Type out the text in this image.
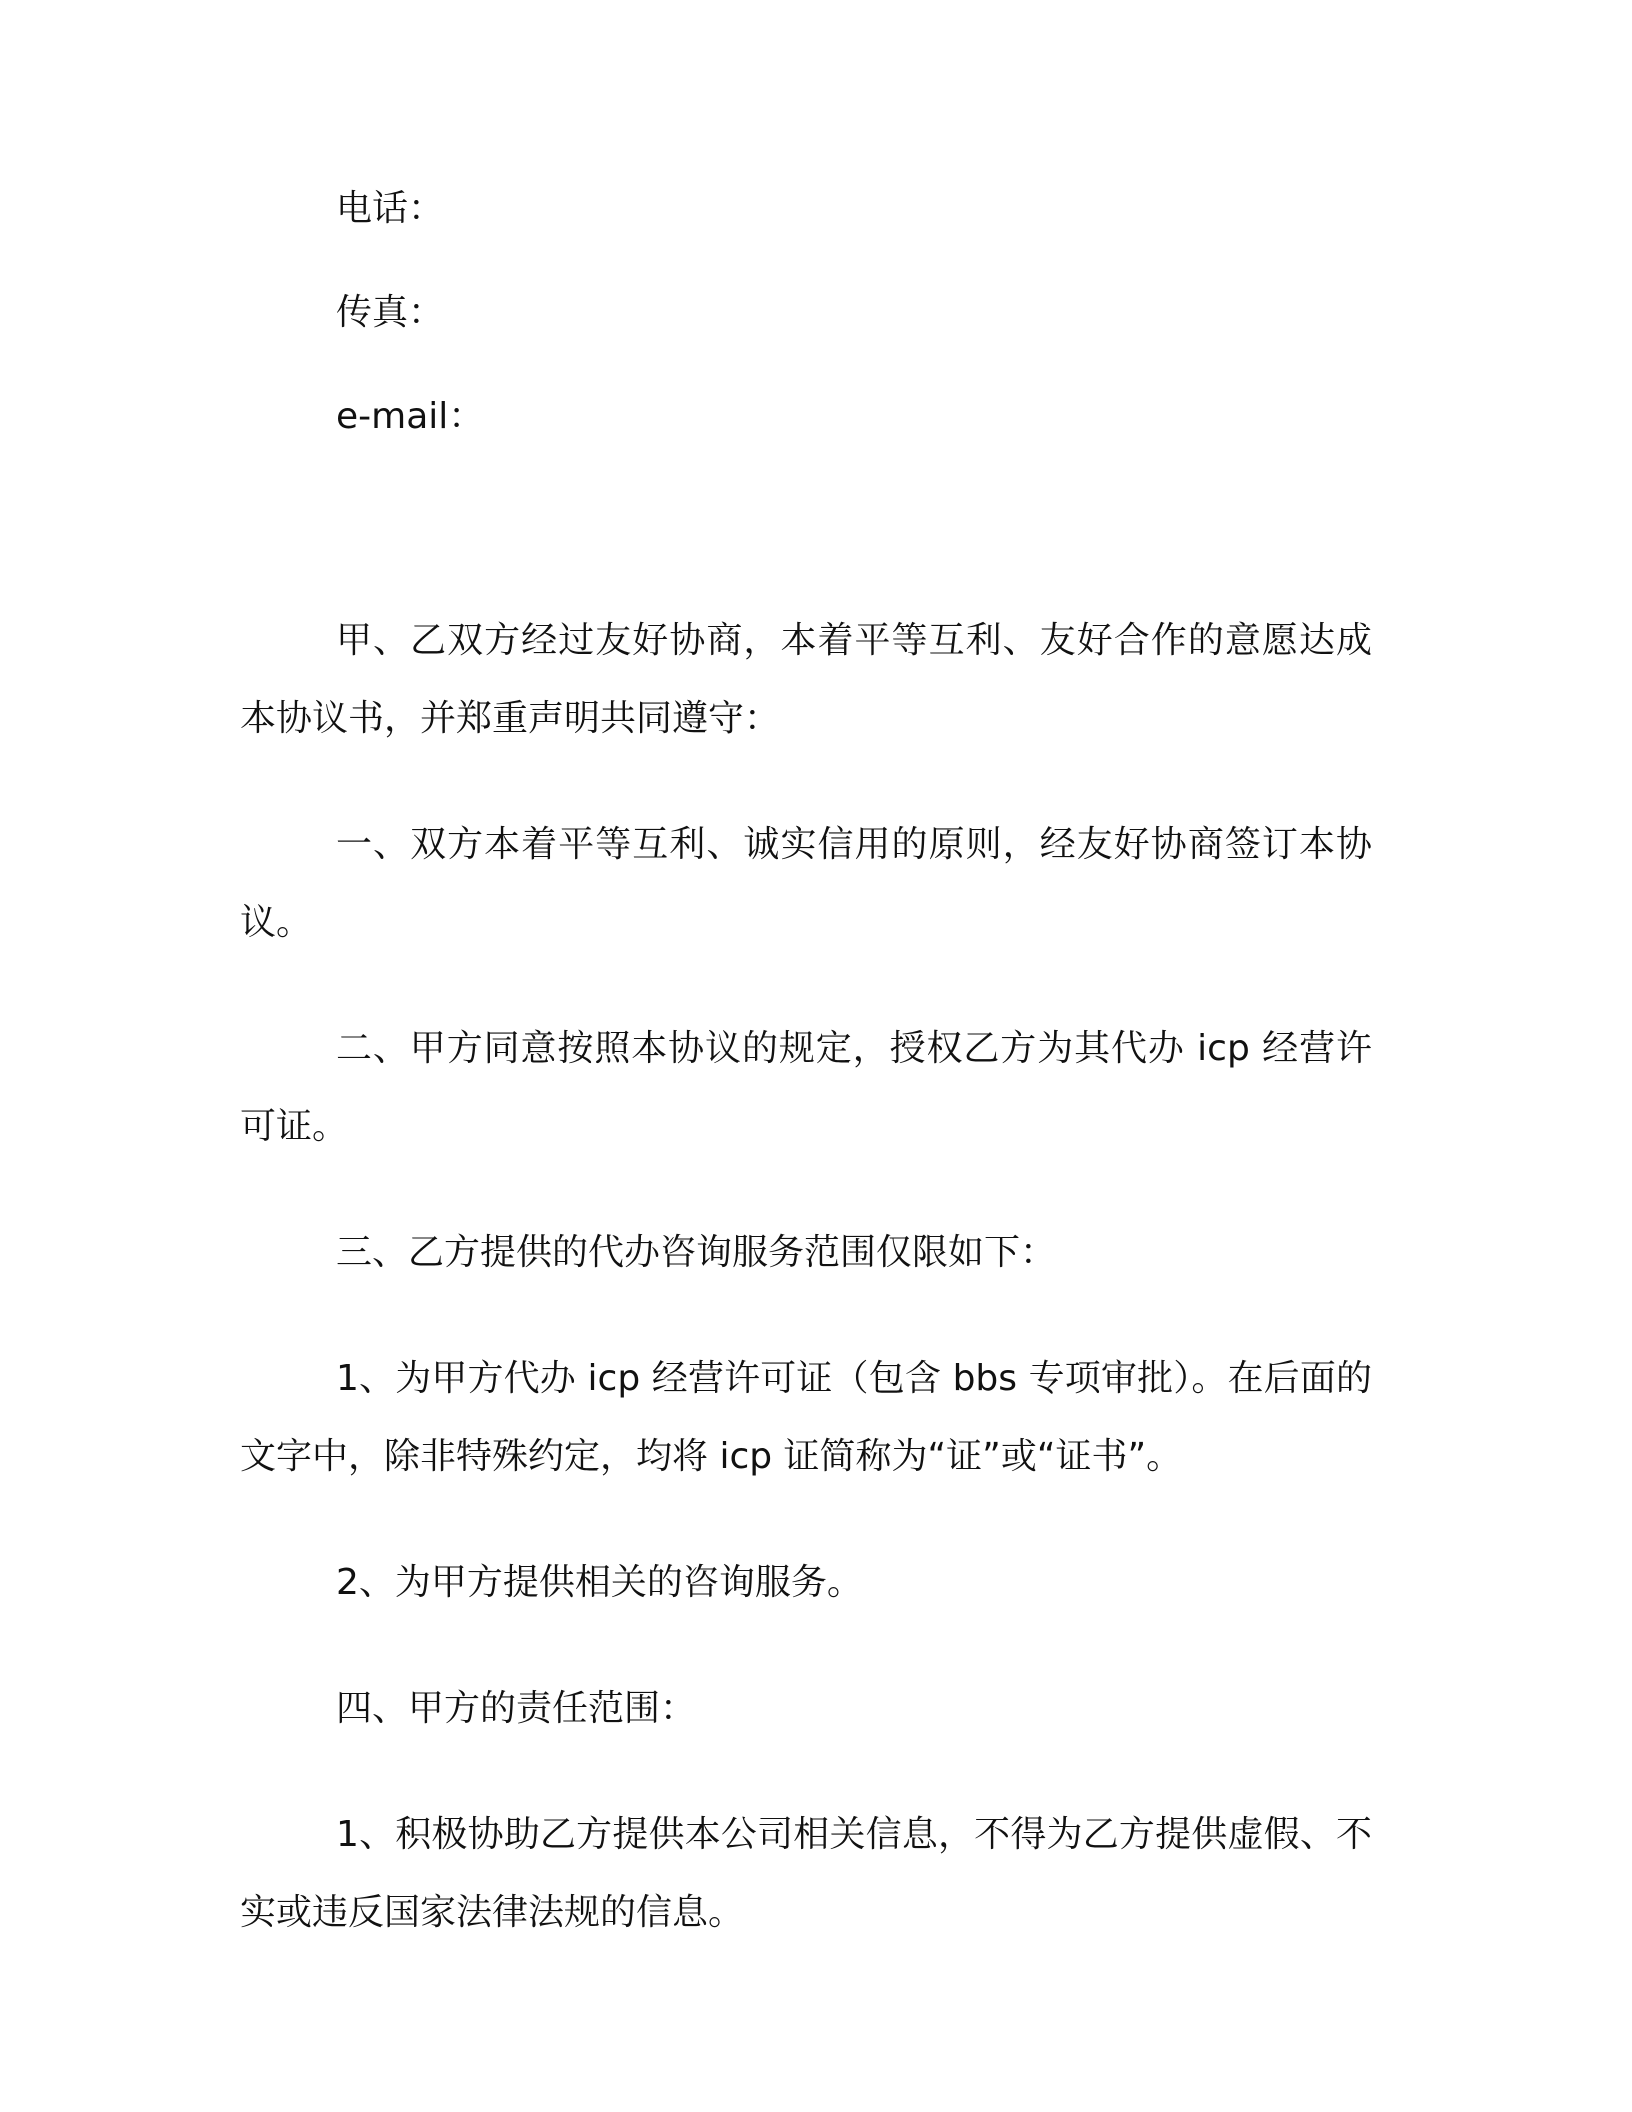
电话：
传真：
e-mail：

甲、乙双方经过友好协商，本着平等互利、友好合作的意愿达成本协议书，并郑重声明共同遵守：

一、双方本着平等互利、诚实信用的原则，经友好协商签订本协议。

二、甲方同意按照本协议的规定，授权乙方为其代办 icp 经营许可证。

三、乙方提供的代办咨询服务范围仅限如下：

1、为甲方代办 icp 经营许可证（包含 bbs 专项审批）。在后面的文字中，除非特殊约定，均将 icp 证简称为“证”或“证书”。

2、为甲方提供相关的咨询服务。

四、甲方的责任范围：

1、积极协助乙方提供本公司相关信息，不得为乙方提供虚假、不实或违反国家法律法规的信息。
